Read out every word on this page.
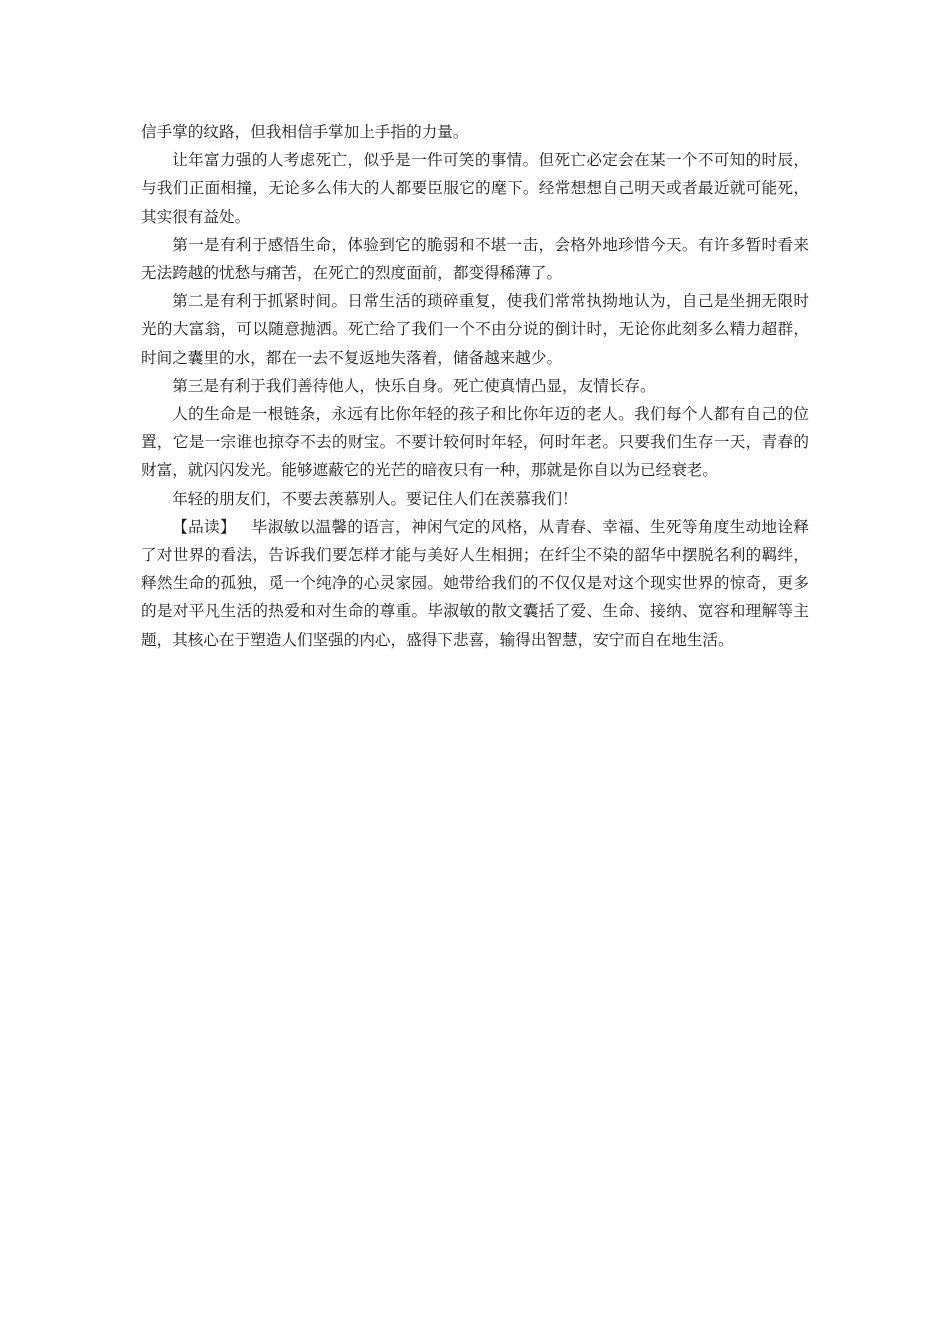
信手掌的纹路，但我相信手掌加上手指的力量。

让年富力强的人考虑死亡，似乎是一件可笑的事情。但死亡必定会在某一个不可知的时辰，与我们正面相撞，无论多么伟大的人都要臣服它的麾下。经常想想自己明天或者最近就可能死，其实很有益处。

第一是有利于感悟生命，体验到它的脆弱和不堪一击，会格外地珍惜今天。有许多暂时看来无法跨越的忧愁与痛苦，在死亡的烈度面前，都变得稀薄了。

第二是有利于抓紧时间。日常生活的琐碎重复，使我们常常执拗地认为，自己是坐拥无限时光的大富翁，可以随意抛洒。死亡给了我们一个不由分说的倒计时，无论你此刻多么精力超群，时间之囊里的水，都在一去不复返地失落着，储备越来越少。

第三是有利于我们善待他人，快乐自身。死亡使真情凸显，友情长存。

人的生命是一根链条，永远有比你年轻的孩子和比你年迈的老人。我们每个人都有自己的位置，它是一宗谁也掠夺不去的财宝。不要计较何时年轻，何时年老。只要我们生存一天，青春的财富，就闪闪发光。能够遮蔽它的光芒的暗夜只有一种，那就是你自以为已经衰老。

年轻的朋友们，不要去羡慕别人。要记住人们在羡慕我们！

【品读】 毕淑敏以温馨的语言，神闲气定的风格，从青春、幸福、生死等角度生动地诠释了对世界的看法，告诉我们要怎样才能与美好人生相拥；在纤尘不染的韶华中摆脱名利的羁绊，释然生命的孤独，觅一个纯净的心灵家园。她带给我们的不仅仅是对这个现实世界的惊奇，更多的是对平凡生活的热爱和对生命的尊重。毕淑敏的散文囊括了爱、生命、接纳、宽容和理解等主题，其核心在于塑造人们坚强的内心，盛得下悲喜，输得出智慧，安宁而自在地生活。
